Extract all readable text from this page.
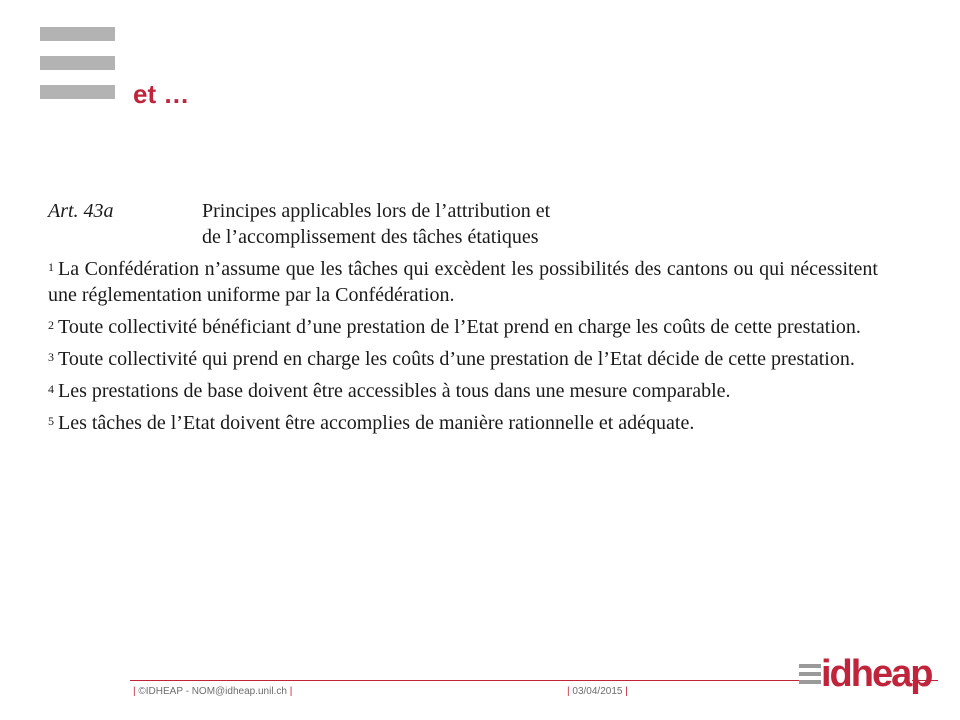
et …
Art. 43a	Principes applicables lors de l’attribution et
de l’accomplissement des tâches étatiques
$^1$ La Confédération n’assume que les tâches qui excèdent les possibilités des cantons ou qui nécessitent une réglementation uniforme par la Confédération.
$^2$ Toute collectivité bénéficiant d’une prestation de l’Etat prend en charge les coûts de cette prestation.
$^3$ Toute collectivité qui prend en charge les coûts d’une prestation de l’Etat décide de cette prestation.
$^4$ Les prestations de base doivent être accessibles à tous dans une mesure comparable.
$^5$ Les tâches de l’Etat doivent être accomplies de manière rationnelle et adéquate.
| ©IDHEAP - NOM@idheap.unil.ch |	| 03/04/2015 |	idheap
